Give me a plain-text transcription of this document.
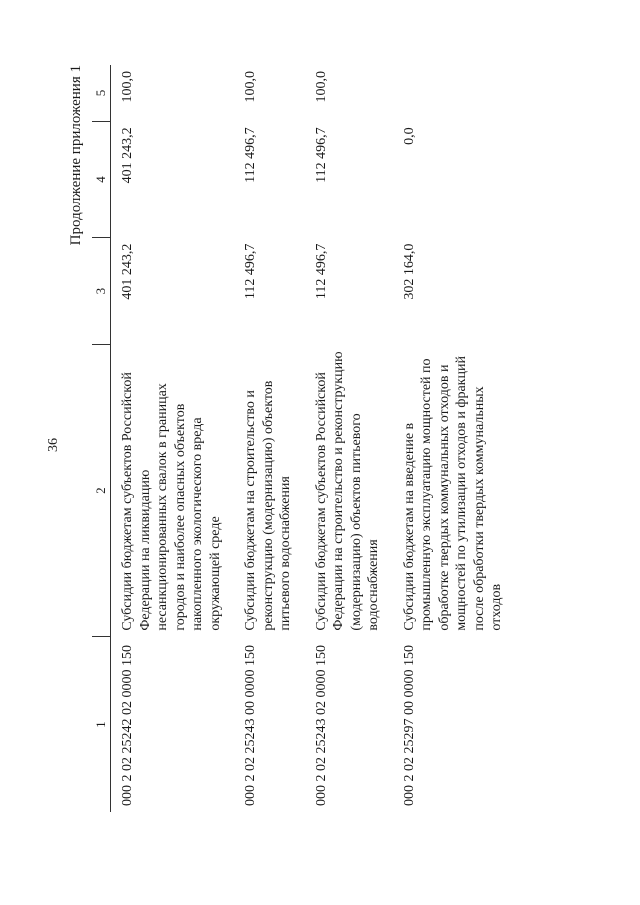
36
Продолжение приложения 1
1	2	3	4	5
000 2 02 25242 02 0000 150	Субсидии бюджетам субъектов Российской Федерации на ликвидацию несанкционированных свалок в границах городов и наиболее опасных объектов накопленного экологического вреда окружающей среде	401 243,2	401 243,2	100,0
000 2 02 25243 00 0000 150	Субсидии бюджетам на строительство и реконструкцию (модернизацию) объектов питьевого водоснабжения	112 496,7	112 496,7	100,0
000 2 02 25243 02 0000 150	Субсидии бюджетам субъектов Российской Федерации на строительство и реконструкцию (модернизацию) объектов питьевого водоснабжения	112 496,7	112 496,7	100,0
000 2 02 25297 00 0000 150	Субсидии бюджетам на введение в промышленную эксплуатацию мощностей по обработке твердых коммунальных отходов и мощностей по утилизации отходов и фракций после обработки твердых коммунальных отходов	302 164,0	0,0	
